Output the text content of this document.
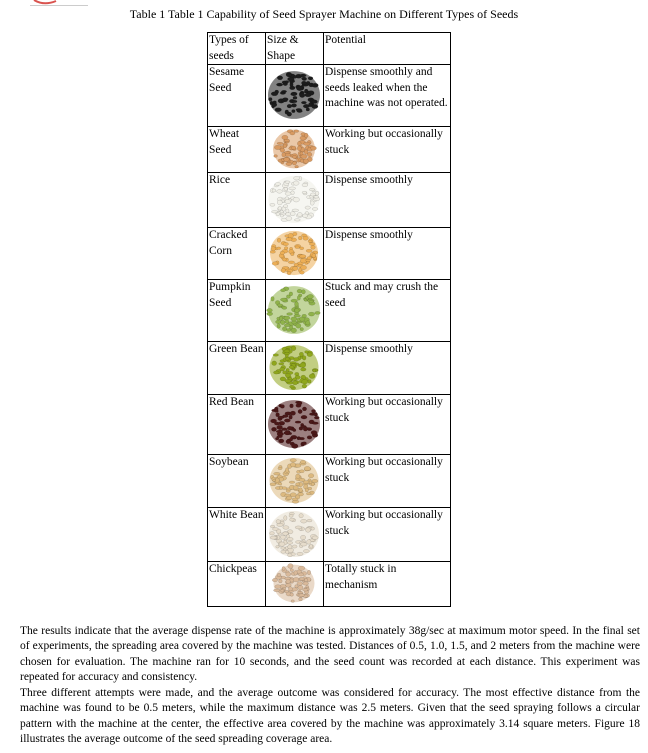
Table 1 Table 1 Capability of Seed Sprayer Machine on Different Types of Seeds
Types of seeds	Size & Shape	Potential
Sesame Seed		Dispense smoothly and seeds leaked when the machine was not operated.
Wheat Seed		Working but occasionally stuck
Rice		Dispense smoothly
Cracked Corn		Dispense smoothly
Pumpkin Seed		Stuck and may crush the seed
Green Bean		Dispense smoothly
Red Bean		Working but occasionally stuck
Soybean		Working but occasionally stuck
White Bean		Working but occasionally stuck
Chickpeas		Totally stuck in mechanism

The results indicate that the average dispense rate of the machine is approximately 38g/sec at maximum motor speed. In the final set of experiments, the spreading area covered by the machine was tested. Distances of 0.5, 1.0, 1.5, and 2 meters from the machine were chosen for evaluation. The machine ran for 10 seconds, and the seed count was recorded at each distance. This experiment was repeated for accuracy and consistency.

Three different attempts were made, and the average outcome was considered for accuracy. The most effective distance from the machine was found to be 0.5 meters, while the maximum distance was 2.5 meters. Given that the seed spraying follows a circular pattern with the machine at the center, the effective area covered by the machine was approximately 3.14 square meters. Figure 18 illustrates the average outcome of the seed spreading coverage area.
